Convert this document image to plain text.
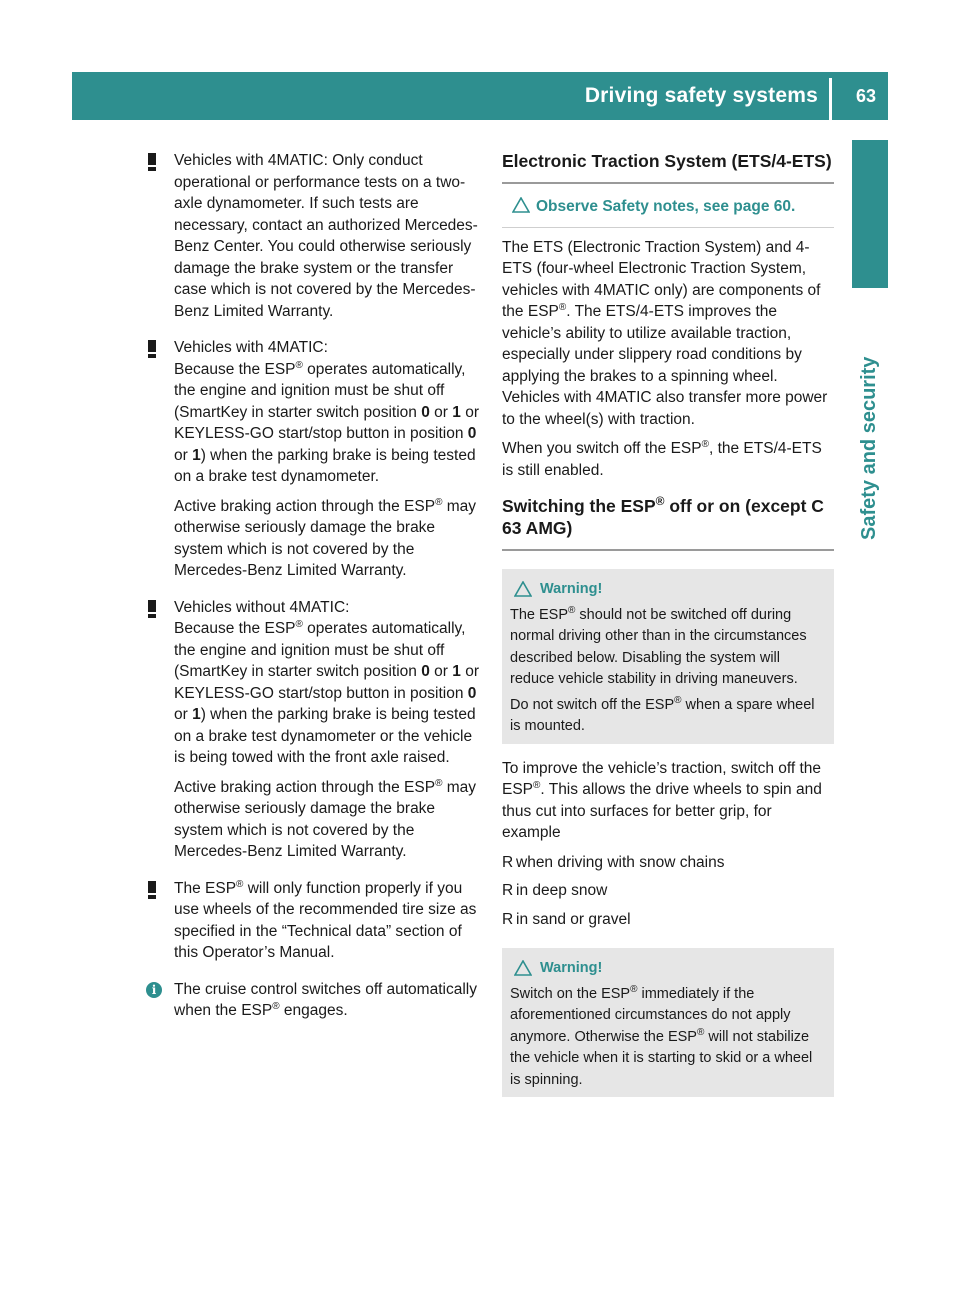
Driving safety systems 63
Safety and security
Vehicles with 4MATIC: Only conduct operational or performance tests on a two-axle dynamometer. If such tests are necessary, contact an authorized Mercedes-Benz Center. You could otherwise seriously damage the brake system or the transfer case which is not covered by the Mercedes-Benz Limited Warranty.
Vehicles with 4MATIC:
Because the ESP® operates automatically, the engine and ignition must be shut off (SmartKey in starter switch position 0 or 1 or KEYLESS-GO start/stop button in position 0 or 1) when the parking brake is being tested on a brake test dynamometer.
Active braking action through the ESP® may otherwise seriously damage the brake system which is not covered by the Mercedes-Benz Limited Warranty.
Vehicles without 4MATIC:
Because the ESP® operates automatically, the engine and ignition must be shut off (SmartKey in starter switch position 0 or 1 or KEYLESS-GO start/stop button in position 0 or 1) when the parking brake is being tested on a brake test dynamometer or the vehicle is being towed with the front axle raised.
Active braking action through the ESP® may otherwise seriously damage the brake system which is not covered by the Mercedes-Benz Limited Warranty.
The ESP® will only function properly if you use wheels of the recommended tire size as specified in the “Technical data” section of this Operator’s Manual.
i	The cruise control switches off automatically when the ESP® engages.
Electronic Traction System (ETS/4-ETS)
Observe Safety notes, see page 60.
The ETS (Electronic Traction System) and 4-ETS (four-wheel Electronic Traction System, vehicles with 4MATIC only) are components of the ESP®. The ETS/4-ETS improves the vehicle’s ability to utilize available traction, especially under slippery road conditions by applying the brakes to a spinning wheel. Vehicles with 4MATIC also transfer more power to the wheel(s) with traction.
When you switch off the ESP®, the ETS/4-ETS is still enabled.
Switching the ESP® off or on (except C 63 AMG)
Warning!
The ESP® should not be switched off during normal driving other than in the circumstances described below. Disabling the system will reduce vehicle stability in driving maneuvers.
Do not switch off the ESP® when a spare wheel is mounted.
To improve the vehicle’s traction, switch off the ESP®. This allows the drive wheels to spin and thus cut into surfaces for better grip, for example
R when driving with snow chains
R in deep snow
R in sand or gravel
Warning!
Switch on the ESP® immediately if the aforementioned circumstances do not apply anymore. Otherwise the ESP® will not stabilize the vehicle when it is starting to skid or a wheel is spinning.
